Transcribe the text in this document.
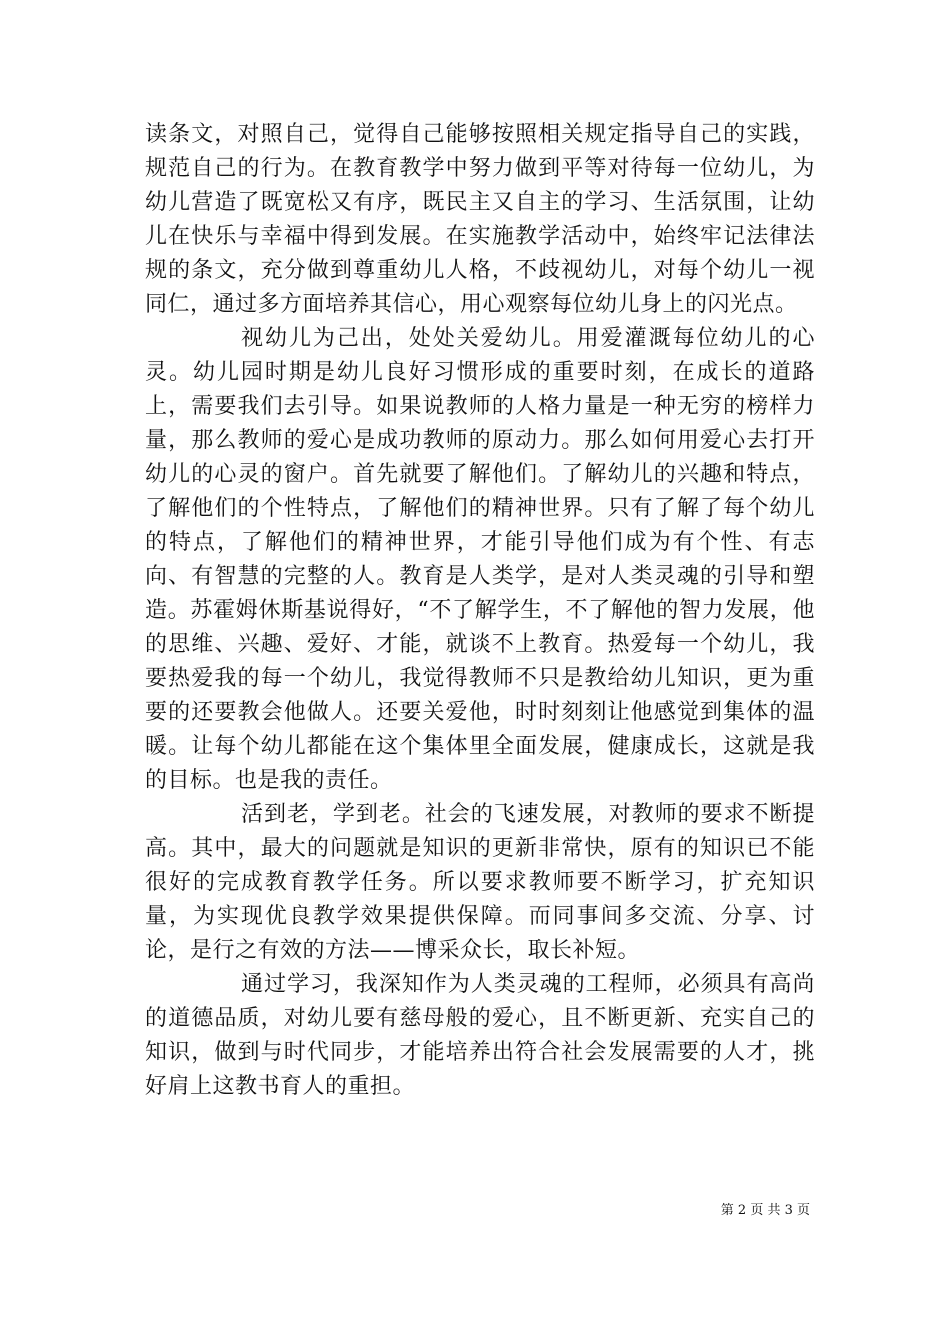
读条文，对照自己，觉得自己能够按照相关规定指导自己的实践，规范自己的行为。在教育教学中努力做到平等对待每一位幼儿，为幼儿营造了既宽松又有序，既民主又自主的学习、生活氛围，让幼儿在快乐与幸福中得到发展。在实施教学活动中，始终牢记法律法规的条文，充分做到尊重幼儿人格，不歧视幼儿，对每个幼儿一视同仁，通过多方面培养其信心，用心观察每位幼儿身上的闪光点。

视幼儿为己出，处处关爱幼儿。用爱灌溉每位幼儿的心灵。幼儿园时期是幼儿良好习惯形成的重要时刻，在成长的道路上，需要我们去引导。如果说教师的人格力量是一种无穷的榜样力量，那么教师的爱心是成功教师的原动力。那么如何用爱心去打开幼儿的心灵的窗户。首先就要了解他们。了解幼儿的兴趣和特点，了解他们的个性特点，了解他们的精神世界。只有了解了每个幼儿的特点，了解他们的精神世界，才能引导他们成为有个性、有志向、有智慧的完整的人。教育是人类学，是对人类灵魂的引导和塑造。苏霍姆休斯基说得好，“不了解学生，不了解他的智力发展，他的思维、兴趣、爱好、才能，就谈不上教育。热爱每一个幼儿，我要热爱我的每一个幼儿，我觉得教师不只是教给幼儿知识，更为重要的还要教会他做人。还要关爱他，时时刻刻让他感觉到集体的温暖。让每个幼儿都能在这个集体里全面发展，健康成长，这就是我的目标。也是我的责任。

活到老，学到老。社会的飞速发展，对教师的要求不断提高。其中，最大的问题就是知识的更新非常快，原有的知识已不能很好的完成教育教学任务。所以要求教师要不断学习，扩充知识量，为实现优良教学效果提供保障。而同事间多交流、分享、讨论，是行之有效的方法——博采众长，取长补短。

通过学习，我深知作为人类灵魂的工程师，必须具有高尚的道德品质，对幼儿要有慈母般的爱心，且不断更新、充实自己的知识，做到与时代同步，才能培养出符合社会发展需要的人才，挑好肩上这教书育人的重担。

第 2 页 共 3 页
